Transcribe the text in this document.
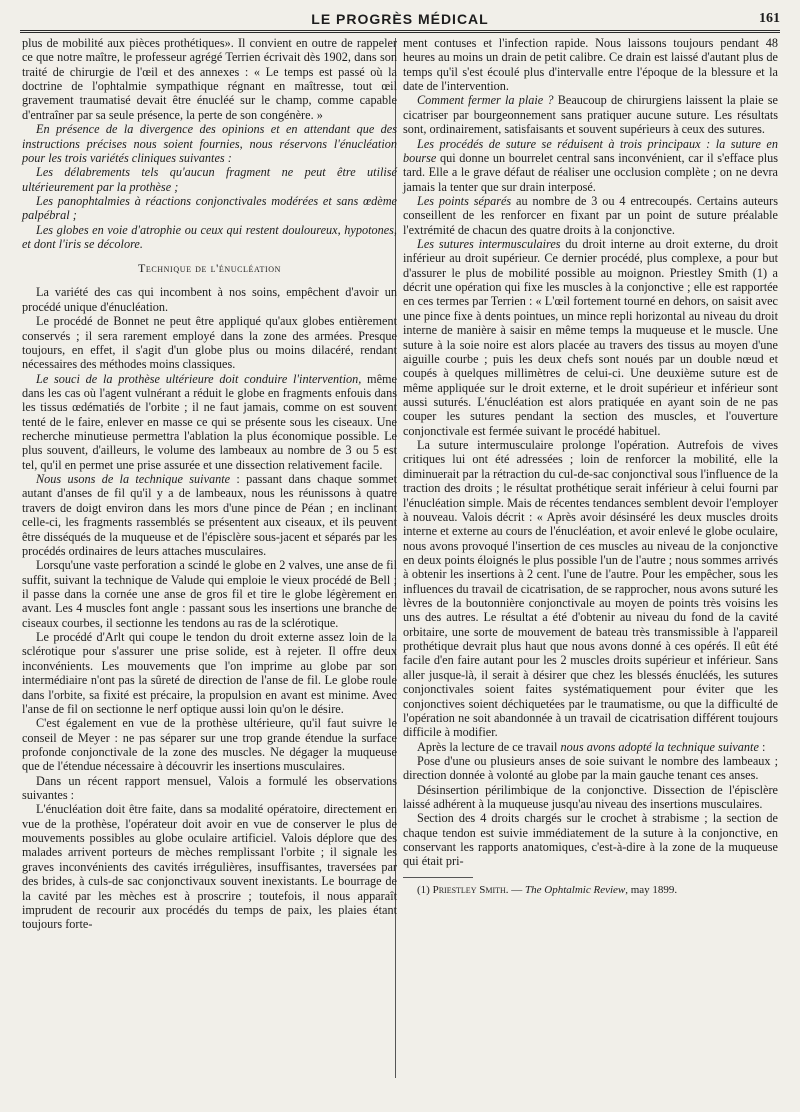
LE PROGRÈS MÉDICAL	161

plus de mobilité aux pièces prothétiques». Il convient en outre de rappeler ce que notre maître, le professeur agrégé Terrien écrivait dès 1902, dans son traité de chirurgie de l'œil et des annexes : « Le temps est passé où la doctrine de l'ophtalmie sympathique régnant en maîtresse, tout œil gravement traumatisé devait être énucléé sur le champ, comme capable d'entraîner par sa seule présence, la perte de son congénère. »

En présence de la divergence des opinions et en attendant que des instructions précises nous soient fournies, nous réservons l'énucléation pour les trois variétés cliniques suivantes :

Les délabrements tels qu'aucun fragment ne peut être utilisé ultérieurement par la prothèse ;

Les panophtalmies à réactions conjonctivales modérées et sans œdème palpébral ;

Les globes en voie d'atrophie ou ceux qui restent douloureux, hypotones, et dont l'iris se décolore.

Technique de l'énucléation

La variété des cas qui incombent à nos soins, empêchent d'avoir un procédé unique d'énucléation.

Le procédé de Bonnet ne peut être appliqué qu'aux globes entièrement conservés ; il sera rarement employé dans la zone des armées. Presque toujours, en effet, il s'agit d'un globe plus ou moins dilacéré, rendant nécessaires des méthodes moins classiques.

Le souci de la prothèse ultérieure doit conduire l'intervention, même dans les cas où l'agent vulnérant a réduit le globe en fragments enfouis dans les tissus œdématiés de l'orbite ; il ne faut jamais, comme on est souvent tenté de le faire, enlever en masse ce qui se présente sous les ciseaux. Une recherche minutieuse permettra l'ablation la plus économique possible. Le plus souvent, d'ailleurs, le volume des lambeaux au nombre de 3 ou 5 est tel, qu'il en permet une prise assurée et une dissection relativement facile.

Nous usons de la technique suivante : passant dans chaque sommet autant d'anses de fil qu'il y a de lambeaux, nous les réunissons à quatre travers de doigt environ dans les mors d'une pince de Péan ; en inclinant celle-ci, les fragments rassemblés se présentent aux ciseaux, et ils peuvent être disséqués de la muqueuse et de l'épisclère sous-jacent et séparés par les procédés ordinaires de leurs attaches musculaires.

Lorsqu'une vaste perforation a scindé le globe en 2 valves, une anse de fil suffit, suivant la technique de Valude qui emploie le vieux procédé de Bell ; il passe dans la cornée une anse de gros fil et tire le globe légèrement en avant. Les 4 muscles font angle : passant sous les insertions une branche de ciseaux courbes, il sectionne les tendons au ras de la sclérotique.

Le procédé d'Arlt qui coupe le tendon du droit externe assez loin de la sclérotique pour s'assurer une prise solide, est à rejeter. Il offre deux inconvénients. Les mouvements que l'on imprime au globe par son intermédiaire n'ont pas la sûreté de direction de l'anse de fil. Le globe roule dans l'orbite, sa fixité est précaire, la propulsion en avant est minime. Avec l'anse de fil on sectionne le nerf optique aussi loin qu'on le désire.

C'est également en vue de la prothèse ultérieure, qu'il faut suivre le conseil de Meyer : ne pas séparer sur une trop grande étendue la surface profonde conjonctivale de la zone des muscles. Ne dégager la muqueuse que de l'étendue nécessaire à découvrir les insertions musculaires.

Dans un récent rapport mensuel, Valois a formulé les observations suivantes :

L'énucléation doit être faite, dans sa modalité opératoire, directement en vue de la prothèse, l'opérateur doit avoir en vue de conserver le plus de mouvements possibles au globe oculaire artificiel. Valois déplore que des malades arrivent porteurs de mèches remplissant l'orbite ; il signale les graves inconvénients des cavités irrégulières, insuffisantes, traversées par des brides, à culs-de sac conjonctivaux souvent inexistants. Le bourrage de la cavité par les mèches est à proscrire ; toutefois, il nous apparaît imprudent de recourir aux procédés du temps de paix, les plaies étant toujours forte-

ment contuses et l'infection rapide. Nous laissons toujours pendant 48 heures au moins un drain de petit calibre. Ce drain est laissé d'autant plus de temps qu'il s'est écoulé plus d'intervalle entre l'époque de la blessure et la date de l'intervention.

Comment fermer la plaie ? Beaucoup de chirurgiens laissent la plaie se cicatriser par bourgeonnement sans pratiquer aucune suture. Les résultats sont, ordinairement, satisfaisants et souvent supérieurs à ceux des sutures.

Les procédés de suture se réduisent à trois principaux : la suture en bourse qui donne un bourrelet central sans inconvénient, car il s'efface plus tard. Elle a le grave défaut de réaliser une occlusion complète ; on ne devra jamais la tenter que sur drain interposé.

Les points séparés au nombre de 3 ou 4 entrecoupés. Certains auteurs conseillent de les renforcer en fixant par un point de suture préalable l'extrémité de chacun des quatre droits à la conjonctive.

Les sutures intermusculaires du droit interne au droit externe, du droit inférieur au droit supérieur. Ce dernier procédé, plus complexe, a pour but d'assurer le plus de mobilité possible au moignon. Priestley Smith (1) a décrit une opération qui fixe les muscles à la conjonctive ; elle est rapportée en ces termes par Terrien : « L'œil fortement tourné en dehors, on saisit avec une pince fixe à dents pointues, un mince repli horizontal au niveau du droit interne de manière à saisir en même temps la muqueuse et le muscle. Une suture à la soie noire est alors placée au travers des tissus au moyen d'une aiguille courbe ; puis les deux chefs sont noués par un double nœud et coupés à quelques millimètres de celui-ci. Une deuxième suture est de même appliquée sur le droit externe, et le droit supérieur et inférieur sont aussi suturés. L'énucléation est alors pratiquée en ayant soin de ne pas couper les sutures pendant la section des muscles, et l'ouverture conjonctivale est fermée suivant le procédé habituel.

La suture intermusculaire prolonge l'opération. Autrefois de vives critiques lui ont été adressées ; loin de renforcer la mobilité, elle la diminuerait par la rétraction du cul-de-sac conjonctival sous l'influence de la traction des droits ; le résultat prothétique serait inférieur à celui fourni par l'énucléation simple. Mais de récentes tendances semblent devoir l'employer à nouveau. Valois décrit : « Après avoir désinséré les deux muscles droits interne et externe au cours de l'énucléation, et avoir enlevé le globe oculaire, nous avons provoqué l'insertion de ces muscles au niveau de la conjonctive en deux points éloignés le plus possible l'un de l'autre ; nous sommes arrivés à obtenir les insertions à 2 cent. l'une de l'autre. Pour les empêcher, sous les influences du travail de cicatrisation, de se rapprocher, nous avons suturé les lèvres de la boutonnière conjonctivale au moyen de points très voisins les uns des autres. Le résultat a été d'obtenir au niveau du fond de la cavité orbitaire, une sorte de mouvement de bateau très transmissible à l'appareil prothétique devrait plus haut que nous avons donné à ces opérés. Il eût été facile d'en faire autant pour les 2 muscles droits supérieur et inférieur. Sans aller jusque-là, il serait à désirer que chez les blessés énucléés, les sutures conjonctivales soient faites systématiquement pour éviter que les conjonctives soient déchiquetées par le traumatisme, ou que la difficulté de l'opération ne soit abandonnée à un travail de cicatrisation différent toujours difficile à modifier.

Après la lecture de ce travail nous avons adopté la technique suivante :

Pose d'une ou plusieurs anses de soie suivant le nombre des lambeaux ; direction donnée à volonté au globe par la main gauche tenant ces anses.

Désinsertion périlimbique de la conjonctive. Dissection de l'épisclère laissé adhérent à la muqueuse jusqu'au niveau des insertions musculaires.

Section des 4 droits chargés sur le crochet à strabisme ; la section de chaque tendon est suivie immédiatement de la suture à la conjonctive, en conservant les rapports anatomiques, c'est-à-dire à la zone de la muqueuse qui était pri-

(1) Priestley Smith. — The Ophtalmic Review, may 1899.
